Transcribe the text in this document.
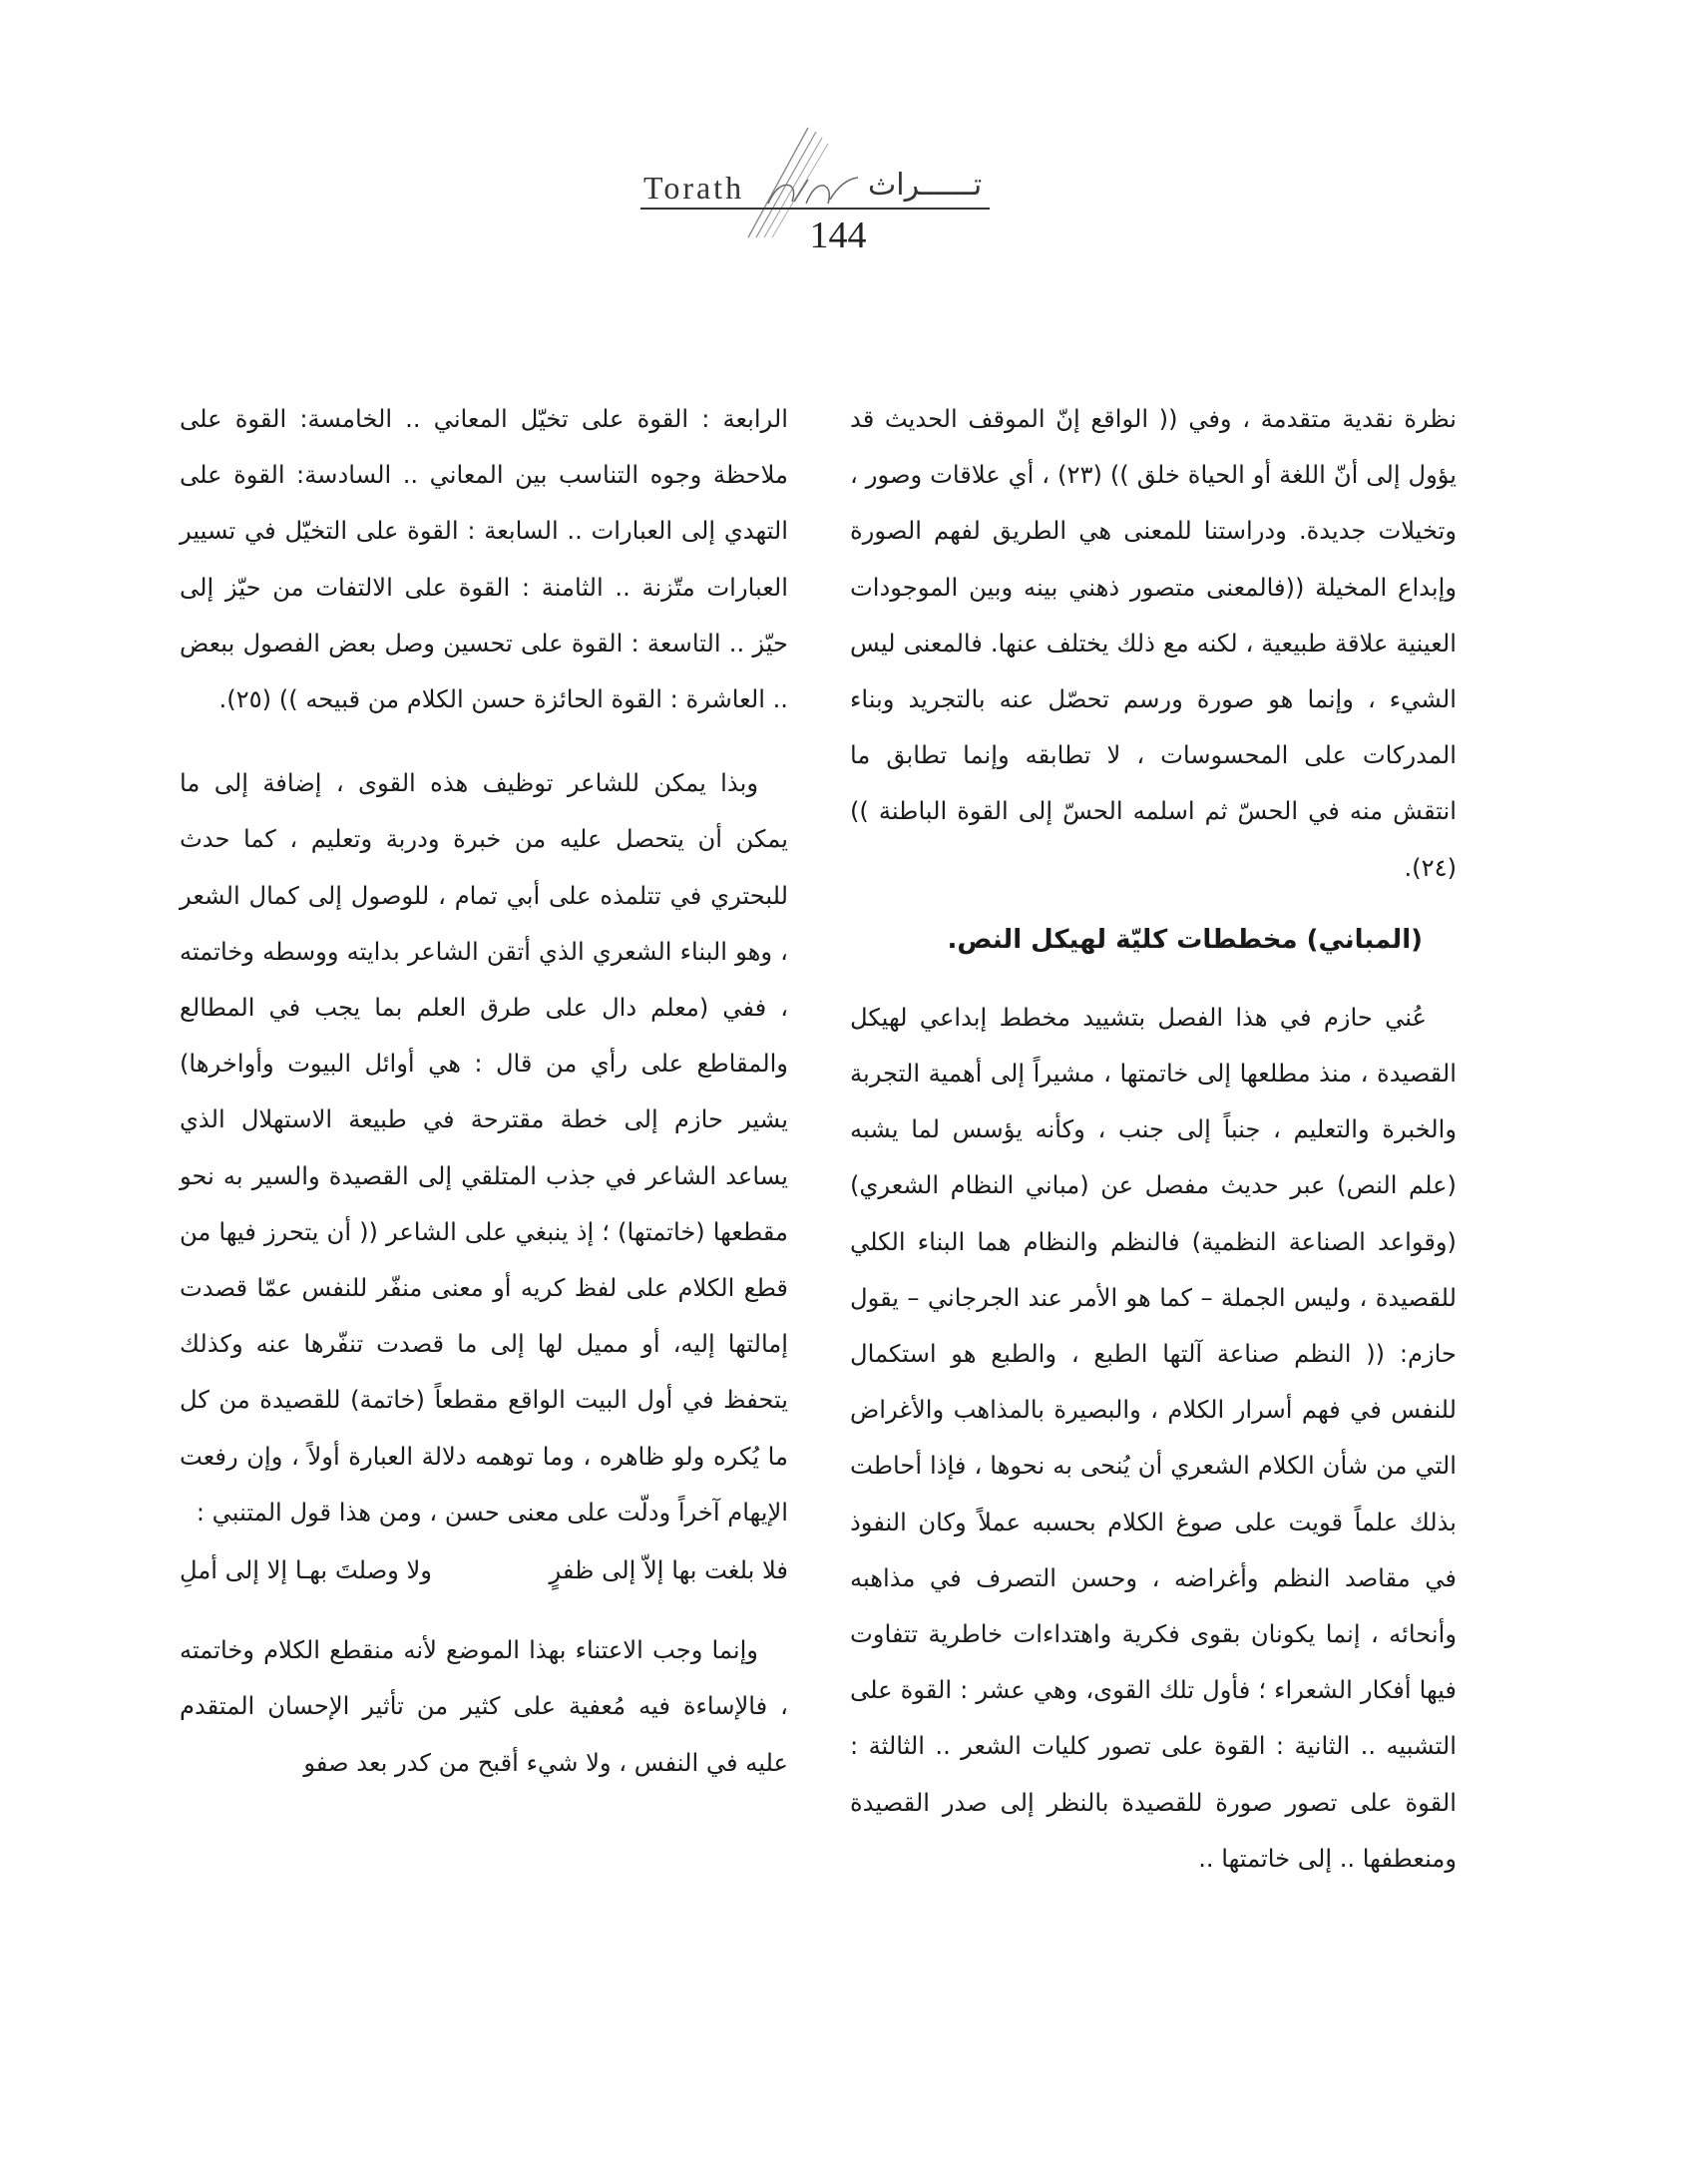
Torath	تــــــراث
144

نظرة نقدية متقدمة ، وفي (( الواقع إنّ الموقف الحديث قد يؤول إلى أنّ اللغة أو الحياة خلق )) (٢٣) ، أي علاقات وصور ، وتخيلات جديدة. ودراستنا للمعنى هي الطريق لفهم الصورة وإبداع المخيلة ((فالمعنى متصور ذهني بينه وبين الموجودات العينية علاقة طبيعية ، لكنه مع ذلك يختلف عنها. فالمعنى ليس الشيء ، وإنما هو صورة ورسم تحصّل عنه بالتجريد وبناء المدركات على المحسوسات ، لا تطابقه وإنما تطابق ما انتقش منه في الحسّ ثم اسلمه الحسّ إلى القوة الباطنة )) (٢٤).

(المباني) مخططات كليّة لهيكل النص.

عُني حازم في هذا الفصل بتشييد مخطط إبداعي لهيكل القصيدة ، منذ مطلعها إلى خاتمتها ، مشيراً إلى أهمية التجربة والخبرة والتعليم ، جنباً إلى جنب ، وكأنه يؤسس لما يشبه (علم النص) عبر حديث مفصل عن (مباني النظام الشعري) (وقواعد الصناعة النظمية) فالنظم والنظام هما البناء الكلي للقصيدة ، وليس الجملة – كما هو الأمر عند الجرجاني – يقول حازم: (( النظم صناعة آلتها الطبع ، والطبع هو استكمال للنفس في فهم أسرار الكلام ، والبصيرة بالمذاهب والأغراض التي من شأن الكلام الشعري أن يُنحى به نحوها ، فإذا أحاطت بذلك علماً قويت على صوغ الكلام بحسبه عملاً وكان النفوذ في مقاصد النظم وأغراضه ، وحسن التصرف في مذاهبه وأنحائه ، إنما يكونان بقوى فكرية واهتداءات خاطرية تتفاوت فيها أفكار الشعراء ؛ فأول تلك القوى، وهي عشر : القوة على التشبيه .. الثانية : القوة على تصور كليات الشعر .. الثالثة : القوة على تصور صورة للقصيدة بالنظر إلى صدر القصيدة ومنعطفها .. إلى خاتمتها ..

الرابعة : القوة على تخيّل المعاني .. الخامسة: القوة على ملاحظة وجوه التناسب بين المعاني .. السادسة: القوة على التهدي إلى العبارات .. السابعة : القوة على التخيّل في تسيير العبارات متّزنة .. الثامنة : القوة على الالتفات من حيّز إلى حيّز .. التاسعة : القوة على تحسين وصل بعض الفصول ببعض .. العاشرة : القوة الحائزة حسن الكلام من قبيحه )) (٢٥).

وبذا يمكن للشاعر توظيف هذه القوى ، إضافة إلى ما يمكن أن يتحصل عليه من خبرة ودربة وتعليم ، كما حدث للبحتري في تتلمذه على أبي تمام ، للوصول إلى كمال الشعر ، وهو البناء الشعري الذي أتقن الشاعر بدايته ووسطه وخاتمته ، ففي (معلم دال على طرق العلم بما يجب في المطالع والمقاطع على رأي من قال : هي أوائل البيوت وأواخرها) يشير حازم إلى خطة مقترحة في طبيعة الاستهلال الذي يساعد الشاعر في جذب المتلقي إلى القصيدة والسير به نحو مقطعها (خاتمتها) ؛ إذ ينبغي على الشاعر (( أن يتحرز فيها من قطع الكلام على لفظ كريه أو معنى منفّر للنفس عمّا قصدت إمالتها إليه، أو مميل لها إلى ما قصدت تنفّرها عنه وكذلك يتحفظ في أول البيت الواقع مقطعاً (خاتمة) للقصيدة من كل ما يُكره ولو ظاهره ، وما توهمه دلالة العبارة أولاً ، وإن رفعت الإيهام آخراً ودلّت على معنى حسن ، ومن هذا قول المتنبي :

فلا بلغت بها إلاّ إلى ظفرٍ
ولا وصلتَ بهـا إلا إلى أملِ

وإنما وجب الاعتناء بهذا الموضع لأنه منقطع الكلام وخاتمته ، فالإساءة فيه مُعفية على كثير من تأثير الإحسان المتقدم عليه في النفس ، ولا شيء أقبح من كدر بعد صفو
